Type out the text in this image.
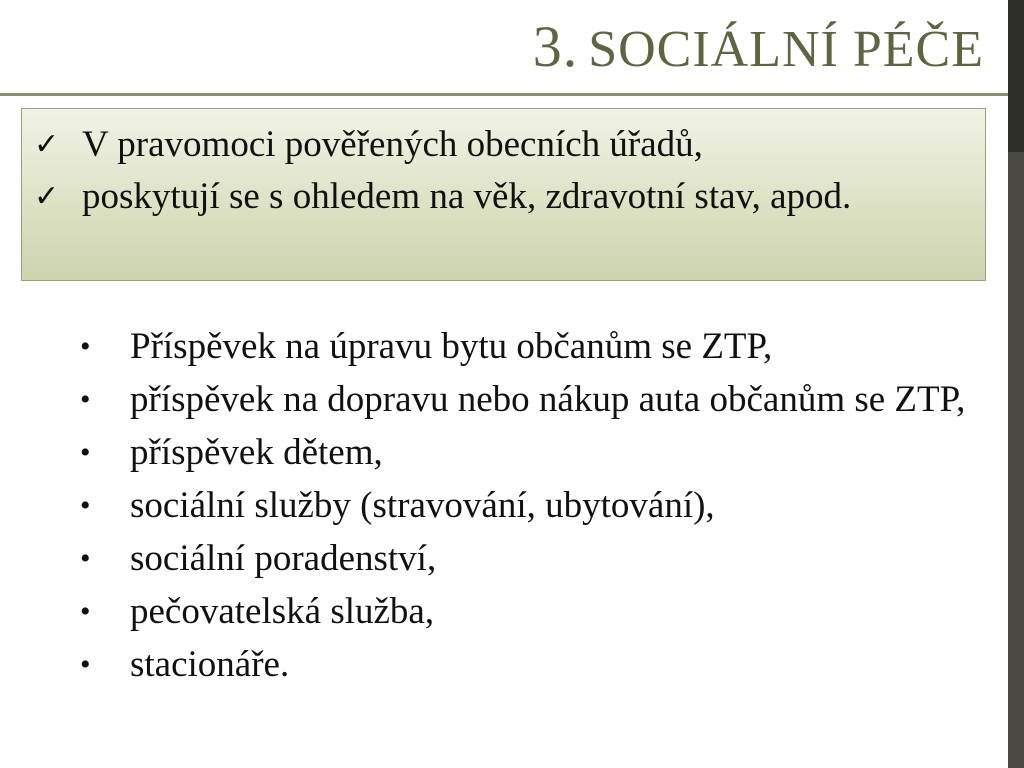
3. SOCIÁLNÍ PÉČE
✓ V pravomoci pověřených obecních úřadů,
✓ poskytují se s ohledem na věk, zdravotní stav, apod.
• Příspěvek na úpravu bytu občanům se ZTP,
• příspěvek na dopravu nebo nákup auta občanům se ZTP,
• příspěvek dětem,
• sociální služby (stravování, ubytování),
• sociální poradenství,
• pečovatelská služba,
• stacionáře.
